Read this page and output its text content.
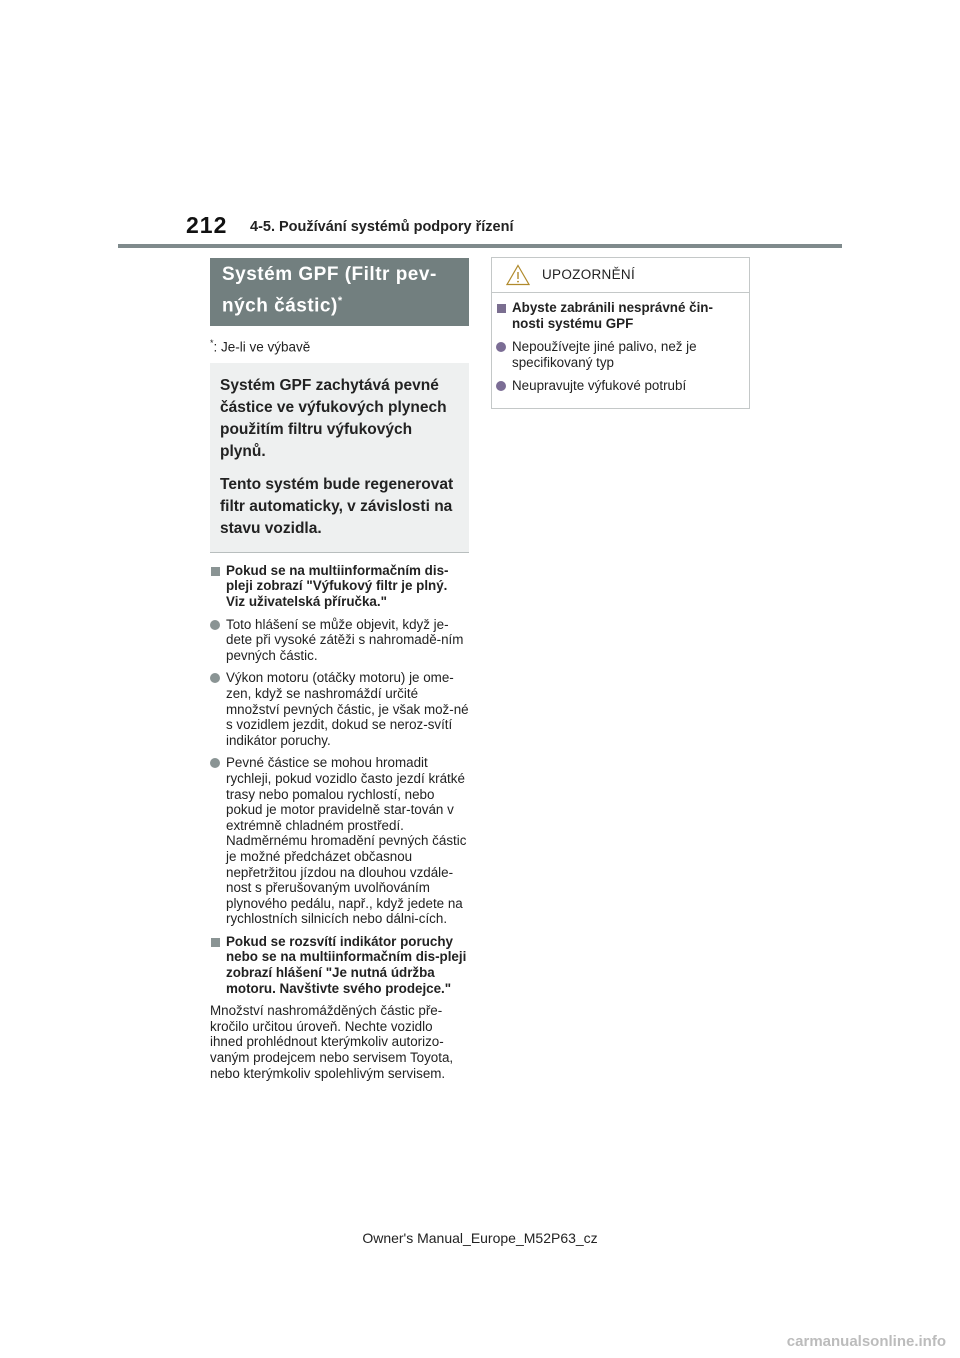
212 4-5. Používání systémů podpory řízení
Systém GPF (Filtr pev-
ných částic)*

*: Je-li ve výbavě

Systém GPF zachytává pevné částice ve výfukových plynech použitím filtru výfukových plynů.

Tento systém bude regenerovat filtr automaticky, v závislosti na stavu vozidla.

Pokud se na multiinformačním dis-pleji zobrazí "Výfukový filtr je plný. Viz uživatelská příručka."
Toto hlášení se může objevit, když je-dete při vysoké zátěži s nahromadě-ním pevných částic.
Výkon motoru (otáčky motoru) je ome-zen, když se nashromáždí určité množství pevných částic, je však mož-né s vozidlem jezdit, dokud se neroz-svítí indikátor poruchy.
Pevné částice se mohou hromadit rychleji, pokud vozidlo často jezdí krátké trasy nebo pomalou rychlostí, nebo pokud je motor pravidelně star-tován v extrémně chladném prostředí. Nadměrnému hromadění pevných částic je možné předcházet občasnou nepřetržitou jízdou na dlouhou vzdále-nost s přerušovaným uvolňováním plynového pedálu, např., když jedete na rychlostních silnicích nebo dálni-cích.
Pokud se rozsvítí indikátor poruchy nebo se na multiinformačním dis-pleji zobrazí hlášení "Je nutná údržba motoru. Navštivte svého prodejce."
Množství nashromážděných částic pře-kročilo určitou úroveň. Nechte vozidlo ihned prohlédnout kterýmkoliv autorizo-vaným prodejcem nebo servisem Toyota, nebo kterýmkoliv spolehlivým servisem.
UPOZORNĚNÍ
Abyste zabránili nesprávné čin-nosti systému GPF
Nepoužívejte jiné palivo, než je specifikovaný typ
Neupravujte výfukové potrubí
Owner's Manual_Europe_M52P63_cz
carmanualsonline.info
